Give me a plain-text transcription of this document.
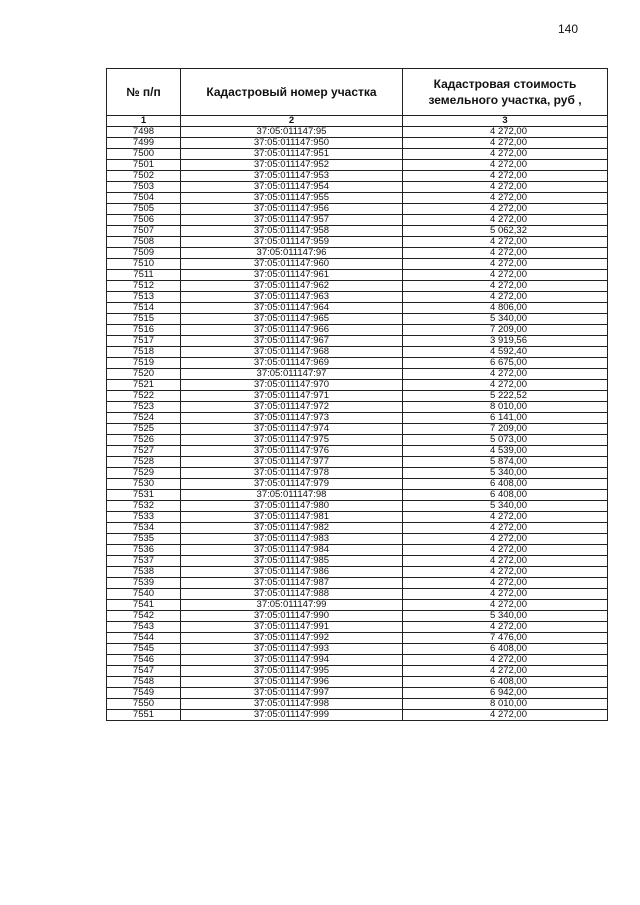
140
№ п/п	Кадастровый номер участка	Кадастровая стоимость земельного участка, руб ,
1	2	3
7498	37:05:011147:95	4 272,00
7499	37:05:011147:950	4 272,00
7500	37:05:011147:951	4 272,00
7501	37:05:011147:952	4 272,00
7502	37:05:011147:953	4 272,00
7503	37:05:011147:954	4 272,00
7504	37:05:011147:955	4 272,00
7505	37:05:011147:956	4 272,00
7506	37:05:011147:957	4 272,00
7507	37:05:011147:958	5 062,32
7508	37:05:011147:959	4 272,00
7509	37:05:011147:96	4 272,00
7510	37:05:011147:960	4 272,00
7511	37:05:011147:961	4 272,00
7512	37:05:011147:962	4 272,00
7513	37:05:011147:963	4 272,00
7514	37:05:011147:964	4 806,00
7515	37:05:011147:965	5 340,00
7516	37:05:011147:966	7 209,00
7517	37:05:011147:967	3 919,56
7518	37:05:011147:968	4 592,40
7519	37:05:011147:969	6 675,00
7520	37:05:011147:97	4 272,00
7521	37:05:011147:970	4 272,00
7522	37:05:011147:971	5 222,52
7523	37:05:011147:972	8 010,00
7524	37:05:011147:973	6 141,00
7525	37:05:011147:974	7 209,00
7526	37:05:011147:975	5 073,00
7527	37:05:011147:976	4 539,00
7528	37:05:011147:977	5 874,00
7529	37:05:011147:978	5 340,00
7530	37:05:011147:979	6 408,00
7531	37:05:011147:98	6 408,00
7532	37:05:011147:980	5 340,00
7533	37:05:011147:981	4 272,00
7534	37:05:011147:982	4 272,00
7535	37:05:011147:983	4 272,00
7536	37:05:011147:984	4 272,00
7537	37:05:011147:985	4 272,00
7538	37:05:011147:986	4 272,00
7539	37:05:011147:987	4 272,00
7540	37:05:011147:988	4 272,00
7541	37:05:011147:99	4 272,00
7542	37:05:011147:990	5 340,00
7543	37:05:011147:991	4 272,00
7544	37:05:011147:992	7 476,00
7545	37:05:011147:993	6 408,00
7546	37:05:011147:994	4 272,00
7547	37:05:011147:995	4 272,00
7548	37:05:011147:996	6 408,00
7549	37:05:011147:997	6 942,00
7550	37:05:011147:998	8 010,00
7551	37:05:011147:999	4 272,00
